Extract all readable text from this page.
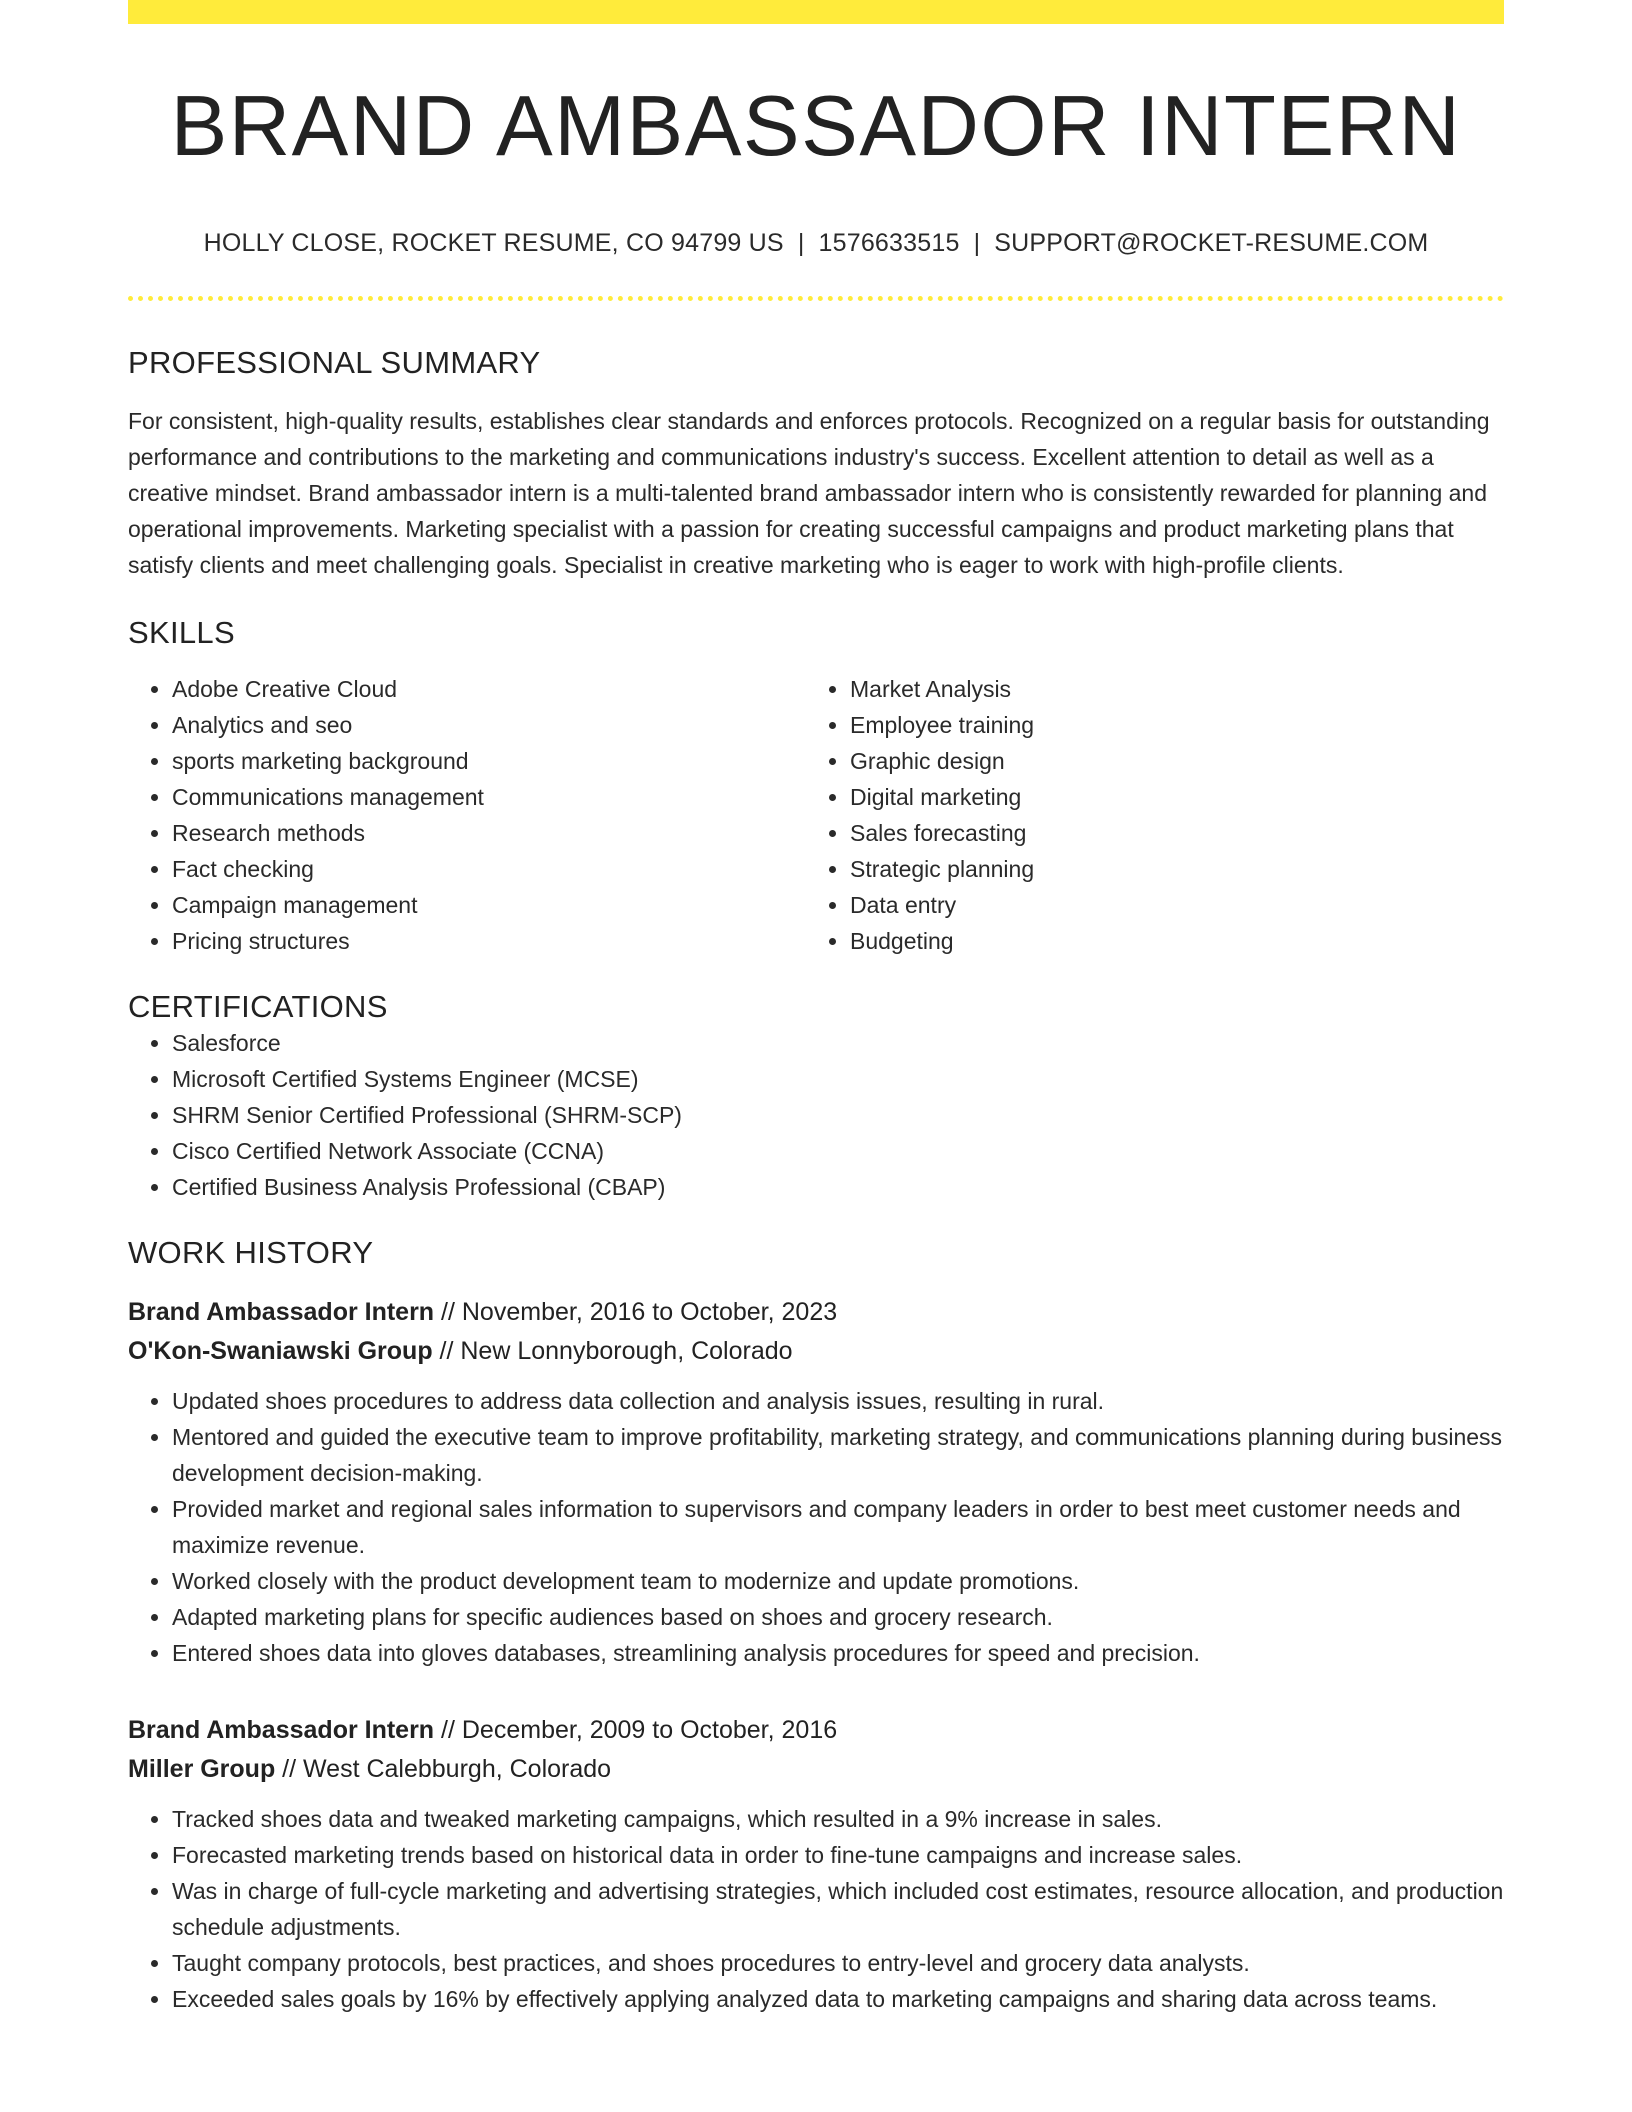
BRAND AMBASSADOR INTERN
HOLLY CLOSE, ROCKET RESUME, CO 94799 US | 1576633515 | SUPPORT@ROCKET-RESUME.COM
PROFESSIONAL SUMMARY

For consistent, high-quality results, establishes clear standards and enforces protocols. Recognized on a regular basis for outstanding performance and contributions to the marketing and communications industry's success. Excellent attention to detail as well as a creative mindset. Brand ambassador intern is a multi-talented brand ambassador intern who is consistently rewarded for planning and operational improvements. Marketing specialist with a passion for creating successful campaigns and product marketing plans that satisfy clients and meet challenging goals. Specialist in creative marketing who is eager to work with high-profile clients.

SKILLS
• Adobe Creative Cloud
• Analytics and seo
• sports marketing background
• Communications management
• Research methods
• Fact checking
• Campaign management
• Pricing structures
• Market Analysis
• Employee training
• Graphic design
• Digital marketing
• Sales forecasting
• Strategic planning
• Data entry
• Budgeting
CERTIFICATIONS
• Salesforce
• Microsoft Certified Systems Engineer (MCSE)
• SHRM Senior Certified Professional (SHRM-SCP)
• Cisco Certified Network Associate (CCNA)
• Certified Business Analysis Professional (CBAP)
WORK HISTORY
Brand Ambassador Intern // November, 2016 to October, 2023
O'Kon-Swaniawski Group // New Lonnyborough, Colorado
• Updated shoes procedures to address data collection and analysis issues, resulting in rural.
• Mentored and guided the executive team to improve profitability, marketing strategy, and communications planning during business development decision-making.
• Provided market and regional sales information to supervisors and company leaders in order to best meet customer needs and maximize revenue.
• Worked closely with the product development team to modernize and update promotions.
• Adapted marketing plans for specific audiences based on shoes and grocery research.
• Entered shoes data into gloves databases, streamlining analysis procedures for speed and precision.
Brand Ambassador Intern // December, 2009 to October, 2016
Miller Group // West Calebburgh, Colorado
• Tracked shoes data and tweaked marketing campaigns, which resulted in a 9% increase in sales.
• Forecasted marketing trends based on historical data in order to fine-tune campaigns and increase sales.
• Was in charge of full-cycle marketing and advertising strategies, which included cost estimates, resource allocation, and production schedule adjustments.
• Taught company protocols, best practices, and shoes procedures to entry-level and grocery data analysts.
• Exceeded sales goals by 16% by effectively applying analyzed data to marketing campaigns and sharing data across teams.
